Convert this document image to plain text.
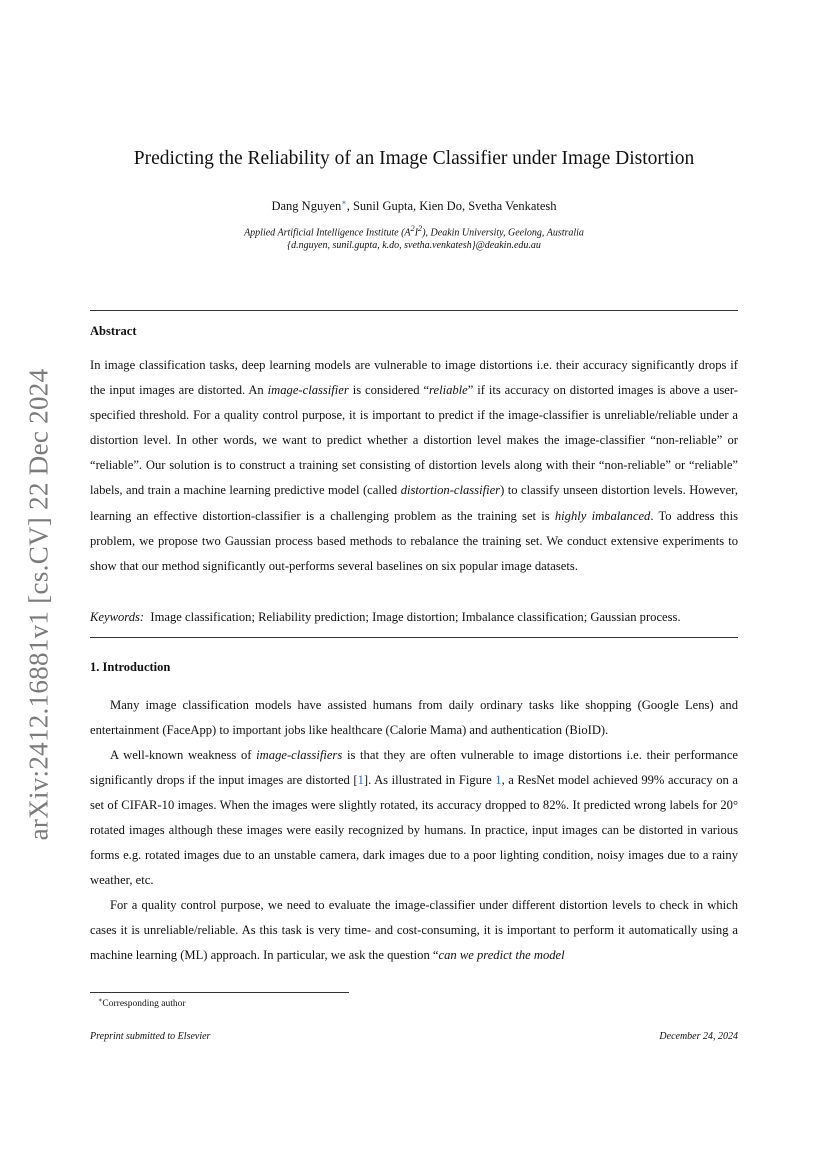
arXiv:2412.16881v1 [cs.CV] 22 Dec 2024
Predicting the Reliability of an Image Classifier under Image Distortion
Dang Nguyen∗, Sunil Gupta, Kien Do, Svetha Venkatesh
Applied Artificial Intelligence Institute $(A^2I^2)$, Deakin University, Geelong, Australia
{d.nguyen, sunil.gupta, k.do, svetha.venkatesh}@deakin.edu.au
Abstract

In image classification tasks, deep learning models are vulnerable to image distortions i.e. their accuracy significantly drops if the input images are distorted. An image-classifier is considered “reliable” if its accuracy on distorted images is above a user-specified threshold. For a quality control purpose, it is important to predict if the image-classifier is unreliable/reliable under a distortion level. In other words, we want to predict whether a distortion level makes the image-classifier “non-reliable” or “reliable”. Our solution is to construct a training set consisting of distortion levels along with their “non-reliable” or “reliable” labels, and train a machine learning predictive model (called distortion-classifier) to classify unseen distortion levels. However, learning an effective distortion-classifier is a challenging problem as the training set is highly imbalanced. To address this problem, we propose two Gaussian process based methods to rebalance the training set. We conduct extensive experiments to show that our method significantly out-performs several baselines on six popular image datasets.

Keywords: Image classification; Reliability prediction; Image distortion; Imbalance classification; Gaussian process.
1. Introduction

Many image classification models have assisted humans from daily ordinary tasks like shopping (Google Lens) and entertainment (FaceApp) to important jobs like healthcare (Calorie Mama) and authentication (BioID).

A well-known weakness of image-classifiers is that they are often vulnerable to image distortions i.e. their performance significantly drops if the input images are distorted [1]. As illustrated in Figure 1, a ResNet model achieved 99% accuracy on a set of CIFAR-10 images. When the images were slightly rotated, its accuracy dropped to 82%. It predicted wrong labels for 20° rotated images although these images were easily recognized by humans. In practice, input images can be distorted in various forms e.g. rotated images due to an unstable camera, dark images due to a poor lighting condition, noisy images due to a rainy weather, etc.

For a quality control purpose, we need to evaluate the image-classifier under different distortion levels to check in which cases it is unreliable/reliable. As this task is very time- and cost-consuming, it is important to perform it automatically using a machine learning (ML) approach. In particular, we ask the question “can we predict the model

∗Corresponding author
Preprint submitted to Elsevier	December 24, 2024
